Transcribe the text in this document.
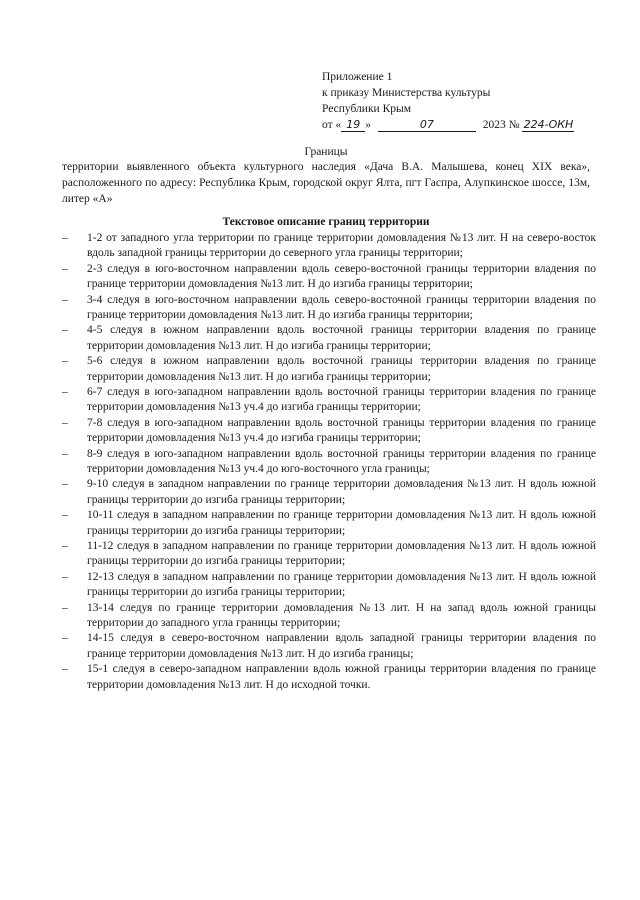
Приложение 1
к приказу Министерства культуры
Республики Крым
от « 19 »	07	2023 № 224-ОКН
Границы
территории выявленного объекта культурного наследия «Дача В.А. Малышева, конец XIX века», расположенного по адресу: Республика Крым, городской округ Ялта, пгт Гаспра, Алупкинское шоссе, 13м, литер «А»
Текстовое описание границ территории
– 1-2 от западного угла территории по границе территории домовладения №13 лит. Н на северо-восток вдоль западной границы территории до северного угла границы территории;
– 2-3 следуя в юго-восточном направлении вдоль северо-восточной границы территории владения по границе территории домовладения №13 лит. Н до изгиба границы территории;
– 3-4 следуя в юго-восточном направлении вдоль северо-восточной границы территории владения по границе территории домовладения №13 лит. Н до изгиба границы территории;
– 4-5 следуя в южном направлении вдоль восточной границы территории владения по границе территории домовладения №13 лит. Н до изгиба границы территории;
– 5-6 следуя в южном направлении вдоль восточной границы территории владения по границе территории домовладения №13 лит. Н до изгиба границы территории;
– 6-7 следуя в юго-западном направлении вдоль восточной границы территории владения по границе территории домовладения №13 уч.4 до изгиба границы территории;
– 7-8 следуя в юго-западном направлении вдоль восточной границы территории владения по границе территории домовладения №13 уч.4 до изгиба границы территории;
– 8-9 следуя в юго-западном направлении вдоль восточной границы территории владения по границе территории домовладения №13 уч.4 до юго-восточного угла границы;
– 9-10 следуя в западном направлении по границе территории домовладения №13 лит. Н вдоль южной границы территории до изгиба границы территории;
– 10-11 следуя в западном направлении по границе территории домовладения №13 лит. Н вдоль южной границы территории до изгиба границы территории;
– 11-12 следуя в западном направлении по границе территории домовладения №13 лит. Н вдоль южной границы территории до изгиба границы территории;
– 12-13 следуя в западном направлении по границе территории домовладения №13 лит. Н вдоль южной границы территории до изгиба границы территории;
– 13-14 следуя по границе территории домовладения №13 лит. Н на запад вдоль южной границы территории до западного угла границы территории;
– 14-15 следуя в северо-восточном направлении вдоль западной границы территории владения по границе территории домовладения №13 лит. Н до изгиба границы;
– 15-1 следуя в северо-западном направлении вдоль южной границы территории владения по границе территории домовладения №13 лит. Н до исходной точки.
